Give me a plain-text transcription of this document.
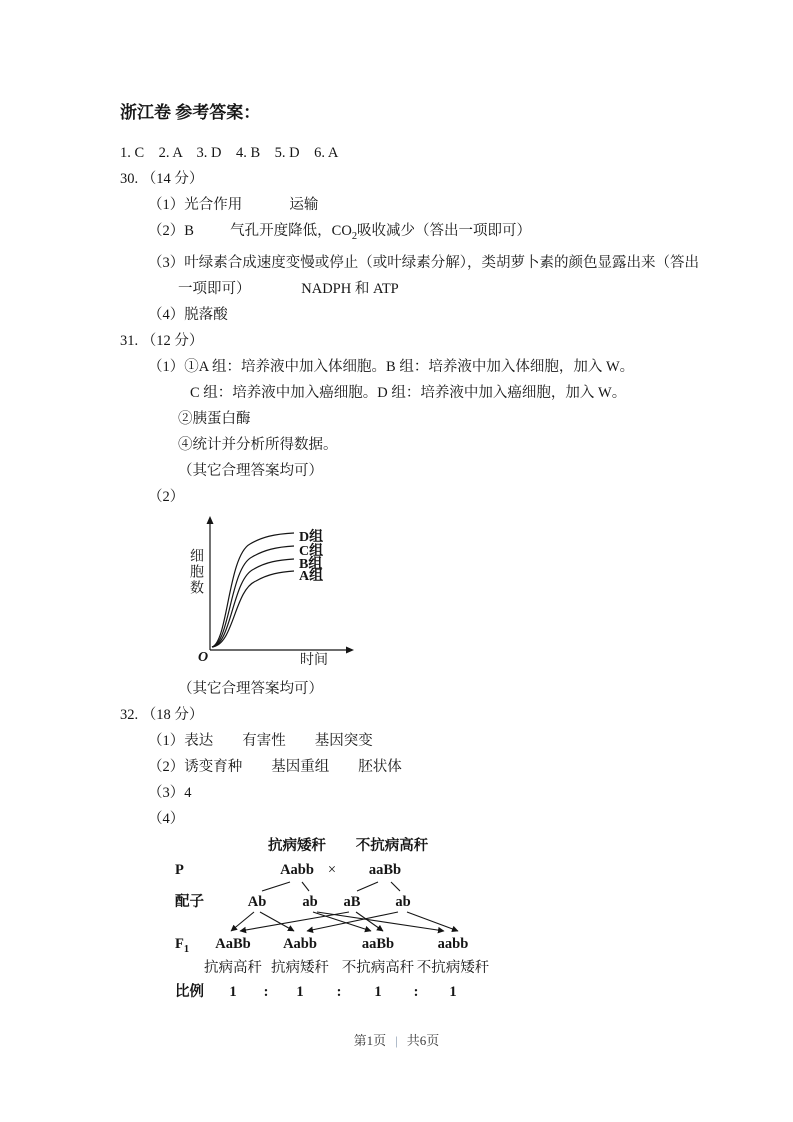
浙江卷 参考答案：
1. C    2. A    3. D    4. B    5. D    6. A
30. （14 分）
（1）光合作用             运输
（2）B          气孔开度降低，$CO_2$吸收减少（答出一项即可）
（3）叶绿素合成速度变慢或停止（或叶绿素分解），类胡萝卜素的颜色显露出来（答出
一项即可）              NADPH 和 ATP
（4）脱落酸
31. （12 分）
（1）①A 组：培养液中加入体细胞。B 组：培养液中加入体细胞，加入 W。
C 组：培养液中加入癌细胞。D 组：培养液中加入癌细胞，加入 W。
②胰蛋白酶
④统计并分析所得数据。
（其它合理答案均可）
（2）
细胞数
O	时间
D组
C组
B组
A组
（其它合理答案均可）
32. （18 分）
（1）表达        有害性        基因突变
（2）诱变育种        基因重组        胚状体
（3）4
（4）
抗病矮秆 不抗病高秆
P	Aabb × aaBb
配子	Ab ab aB ab
$F_1$ AaBb Aabb	aaBb	aabb
抗病高秆 抗病矮秆 不抗病高秆 不抗病矮秆
比例 1 : 1 : 1 : 1
第1页 | 共6页
